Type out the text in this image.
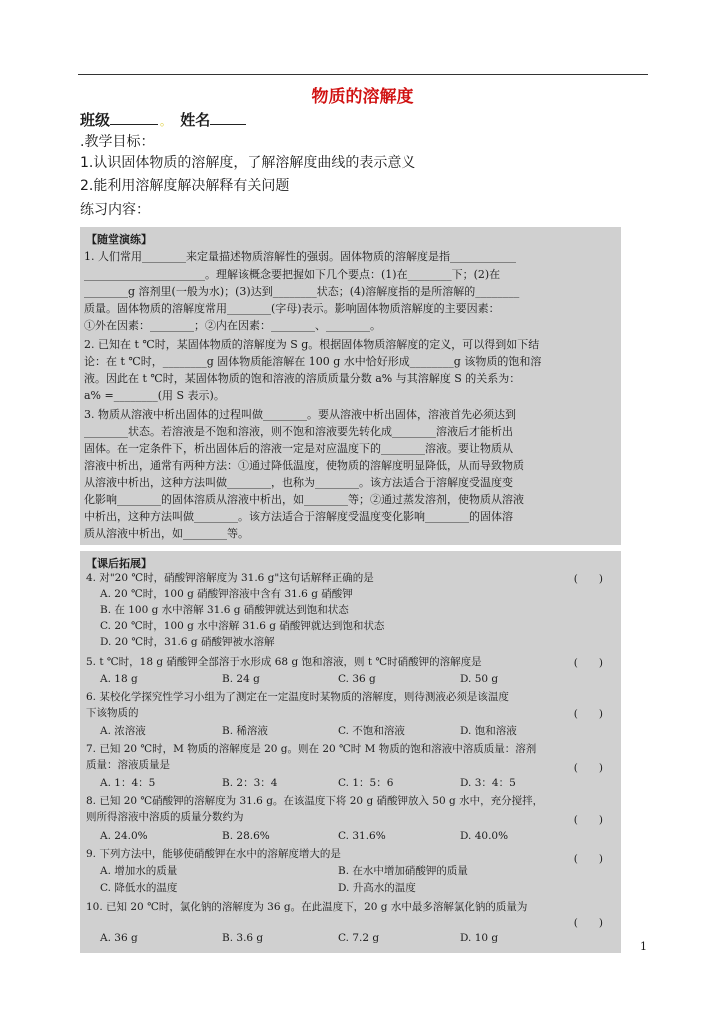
物质的溶解度
班级	。 姓名
.教学目标：
1.认识固体物质的溶解度，了解溶解度曲线的表示意义
2.能利用溶解度解决解释有关问题
练习内容：
【随堂演练】
1. 人们常用________来定量描述物质溶解性的强弱。固体物质的溶解度是指____________
______________________。理解该概念要把握如下几个要点：(1)在________下；(2)在
________g 溶剂里(一般为水)；(3)达到________状态；(4)溶解度指的是所溶解的________
质量。固体物质的溶解度常用________(字母)表示。影响固体物质溶解度的主要因素：
①外在因素：________；②内在因素：________、________。
2. 已知在 t ℃时，某固体物质的溶解度为 S g。根据固体物质溶解度的定义，可以得到如下结
论：在 t ℃时，________g 固体物质能溶解在 100 g 水中恰好形成________g 该物质的饱和溶
液。因此在 t ℃时，某固体物质的饱和溶液的溶质质量分数 a% 与其溶解度 S 的关系为：
a% =________(用 S 表示)。
3. 物质从溶液中析出固体的过程叫做________。要从溶液中析出固体，溶液首先必须达到
________状态。若溶液是不饱和溶液，则不饱和溶液要先转化成________溶液后才能析出
固体。在一定条件下，析出固体后的溶液一定是对应温度下的________溶液。要让物质从
溶液中析出，通常有两种方法：①通过降低温度，使物质的溶解度明显降低，从而导致物质
从溶液中析出，这种方法叫做________，也称为________。该方法适合于溶解度受温度变
化影响________的固体溶质从溶液中析出，如________等；②通过蒸发溶剂，使物质从溶液
中析出，这种方法叫做________。该方法适合于溶解度受温度变化影响________的固体溶
质从溶液中析出，如________等。
【课后拓展】
4. 对"20 ℃时，硝酸钾溶解度为 31.6 g"这句话解释正确的是	(　　)
A. 20 ℃时，100 g 硝酸钾溶液中含有 31.6 g 硝酸钾
B. 在 100 g 水中溶解 31.6 g 硝酸钾就达到饱和状态
C. 20 ℃时，100 g 水中溶解 31.6 g 硝酸钾就达到饱和状态
D. 20 ℃时，31.6 g 硝酸钾被水溶解
5. t ℃时，18 g 硝酸钾全部溶于水形成 68 g 饱和溶液，则 t ℃时硝酸钾的溶解度是	(　　)
A. 18 g	B. 24 g	C. 36 g	D. 50 g
6. 某校化学探究性学习小组为了测定在一定温度时某物质的溶解度，则待测液必须是该温度
下该物质的	(　　)
A. 浓溶液	B. 稀溶液	C. 不饱和溶液	D. 饱和溶液
7. 已知 20 ℃时，M 物质的溶解度是 20 g。则在 20 ℃时 M 物质的饱和溶液中溶质质量：溶剂
质量：溶液质量是	(　　)
A. 1：4：5	B. 2：3：4	C. 1：5：6	D. 3：4：5
8. 已知 20 ℃硝酸钾的溶解度为 31.6 g。在该温度下将 20 g 硝酸钾放入 50 g 水中，充分搅拌，
则所得溶液中溶质的质量分数约为	(　　)
A. 24.0%	B. 28.6%	C. 31.6%	D. 40.0%
9. 下列方法中，能够使硝酸钾在水中的溶解度增大的是	(　　)
A. 增加水的质量	B. 在水中增加硝酸钾的质量
C. 降低水的温度	D. 升高水的温度
10. 已知 20 ℃时，氯化钠的溶解度为 36 g。在此温度下，20 g 水中最多溶解氯化钠的质量为
(　　)
A. 36 g	B. 3.6 g	C. 7.2 g	D. 10 g
1
